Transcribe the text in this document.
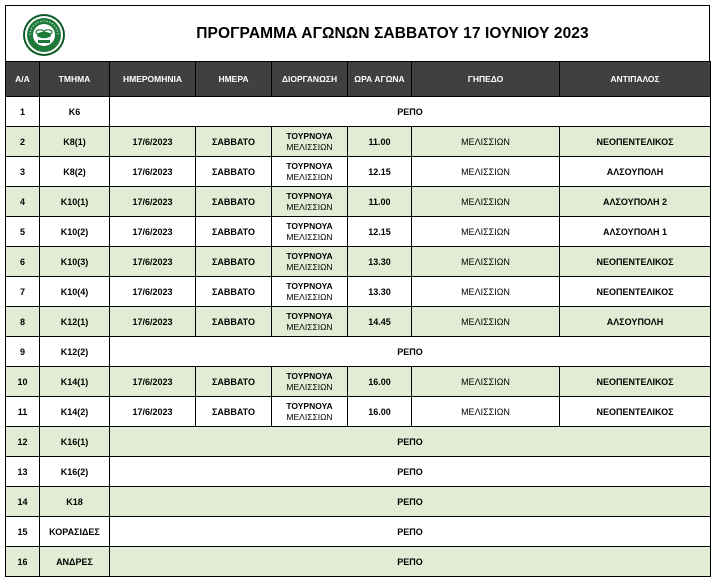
ΠΡΟΓΡΑΜΜΑ ΑΓΩΝΩΝ ΣΑΒΒΑΤΟΥ 17 ΙΟΥΝΙΟΥ 2023
Α/Α	ΤΜΗΜΑ	ΗΜΕΡΟΜΗΝΙΑ	ΗΜΕΡΑ	ΔΙΟΡΓΑΝΩΣΗ	ΩΡΑ ΑΓΩΝΑ	ΓΗΠΕΔΟ	ΑΝΤΙΠΑΛΟΣ
1	Κ6	ΡΕΠΟ					
2	Κ8(1)	17/6/2023	ΣΑΒΒΑΤΟ	ΤΟΥΡΝΟΥΑ
ΜΕΛΙΣΣΙΩΝ	11.00	ΜΕΛΙΣΣΙΩΝ	ΝΕΟΠΕΝΤΕΛΙΚΟΣ
3	Κ8(2)	17/6/2023	ΣΑΒΒΑΤΟ	ΤΟΥΡΝΟΥΑ
ΜΕΛΙΣΣΙΩΝ	12.15	ΜΕΛΙΣΣΙΩΝ	ΑΛΣΟΥΠΟΛΗ
4	Κ10(1)	17/6/2023	ΣΑΒΒΑΤΟ	ΤΟΥΡΝΟΥΑ
ΜΕΛΙΣΣΙΩΝ	11.00	ΜΕΛΙΣΣΙΩΝ	ΑΛΣΟΥΠΟΛΗ 2
5	Κ10(2)	17/6/2023	ΣΑΒΒΑΤΟ	ΤΟΥΡΝΟΥΑ
ΜΕΛΙΣΣΙΩΝ	12.15	ΜΕΛΙΣΣΙΩΝ	ΑΛΣΟΥΠΟΛΗ 1
6	Κ10(3)	17/6/2023	ΣΑΒΒΑΤΟ	ΤΟΥΡΝΟΥΑ
ΜΕΛΙΣΣΙΩΝ	13.30	ΜΕΛΙΣΣΙΩΝ	ΝΕΟΠΕΝΤΕΛΙΚΟΣ
7	Κ10(4)	17/6/2023	ΣΑΒΒΑΤΟ	ΤΟΥΡΝΟΥΑ
ΜΕΛΙΣΣΙΩΝ	13.30	ΜΕΛΙΣΣΙΩΝ	ΝΕΟΠΕΝΤΕΛΙΚΟΣ
8	Κ12(1)	17/6/2023	ΣΑΒΒΑΤΟ	ΤΟΥΡΝΟΥΑ
ΜΕΛΙΣΣΙΩΝ	14.45	ΜΕΛΙΣΣΙΩΝ	ΑΛΣΟΥΠΟΛΗ
9	Κ12(2)	ΡΕΠΟ					
10	Κ14(1)	17/6/2023	ΣΑΒΒΑΤΟ	ΤΟΥΡΝΟΥΑ
ΜΕΛΙΣΣΙΩΝ	16.00	ΜΕΛΙΣΣΙΩΝ	ΝΕΟΠΕΝΤΕΛΙΚΟΣ
11	Κ14(2)	17/6/2023	ΣΑΒΒΑΤΟ	ΤΟΥΡΝΟΥΑ
ΜΕΛΙΣΣΙΩΝ	16.00	ΜΕΛΙΣΣΙΩΝ	ΝΕΟΠΕΝΤΕΛΙΚΟΣ
12	Κ16(1)	ΡΕΠΟ					
13	Κ16(2)	ΡΕΠΟ					
14	Κ18	ΡΕΠΟ					
15	ΚΟΡΑΣΙΔΕΣ	ΡΕΠΟ					
16	ΑΝΔΡΕΣ	ΡΕΠΟ					
